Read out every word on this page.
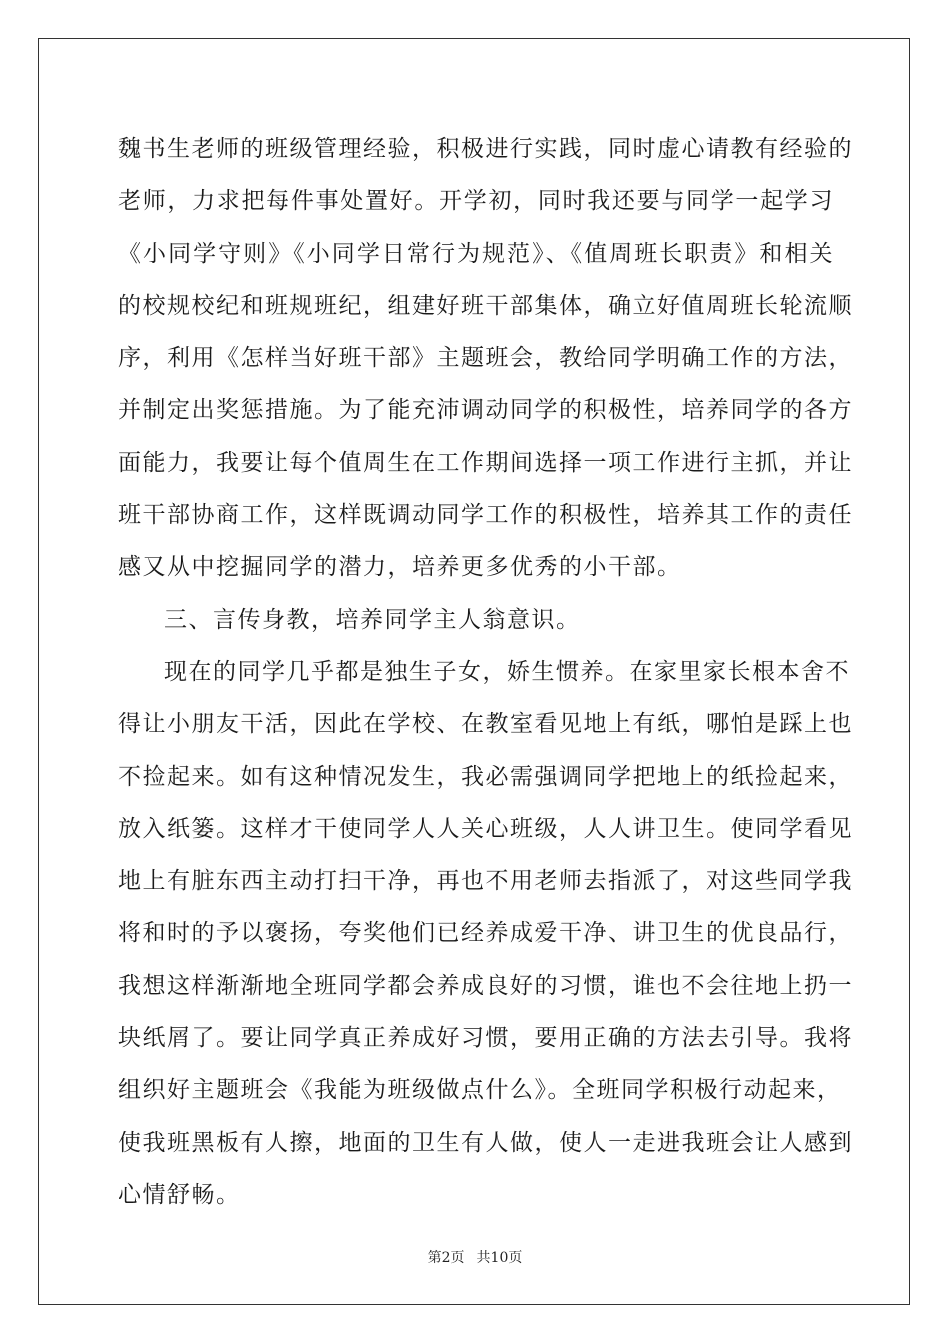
魏书生老师的班级管理经验，积极进行实践，同时虚心请教有经验的
老师，力求把每件事处置好。开学初，同时我还要与同学一起学习
《小同学守则》《小同学日常行为规范》、《值周班长职责》和相关
的校规校纪和班规班纪，组建好班干部集体，确立好值周班长轮流顺
序，利用《怎样当好班干部》主题班会，教给同学明确工作的方法，
并制定出奖惩措施。为了能充沛调动同学的积极性，培养同学的各方
面能力，我要让每个值周生在工作期间选择一项工作进行主抓，并让
班干部协商工作，这样既调动同学工作的积极性，培养其工作的责任
感又从中挖掘同学的潜力，培养更多优秀的小干部。
三、言传身教，培养同学主人翁意识。
现在的同学几乎都是独生子女，娇生惯养。在家里家长根本舍不
得让小朋友干活，因此在学校、在教室看见地上有纸，哪怕是踩上也
不捡起来。如有这种情况发生，我必需强调同学把地上的纸捡起来，
放入纸篓。这样才干使同学人人关心班级，人人讲卫生。使同学看见
地上有脏东西主动打扫干净，再也不用老师去指派了，对这些同学我
将和时的予以褒扬，夸奖他们已经养成爱干净、讲卫生的优良品行，
我想这样渐渐地全班同学都会养成良好的习惯，谁也不会往地上扔一
块纸屑了。要让同学真正养成好习惯，要用正确的方法去引导。我将
组织好主题班会《我能为班级做点什么》。全班同学积极行动起来，
使我班黑板有人擦，地面的卫生有人做，使人一走进我班会让人感到
心情舒畅。
第2页 共10页
